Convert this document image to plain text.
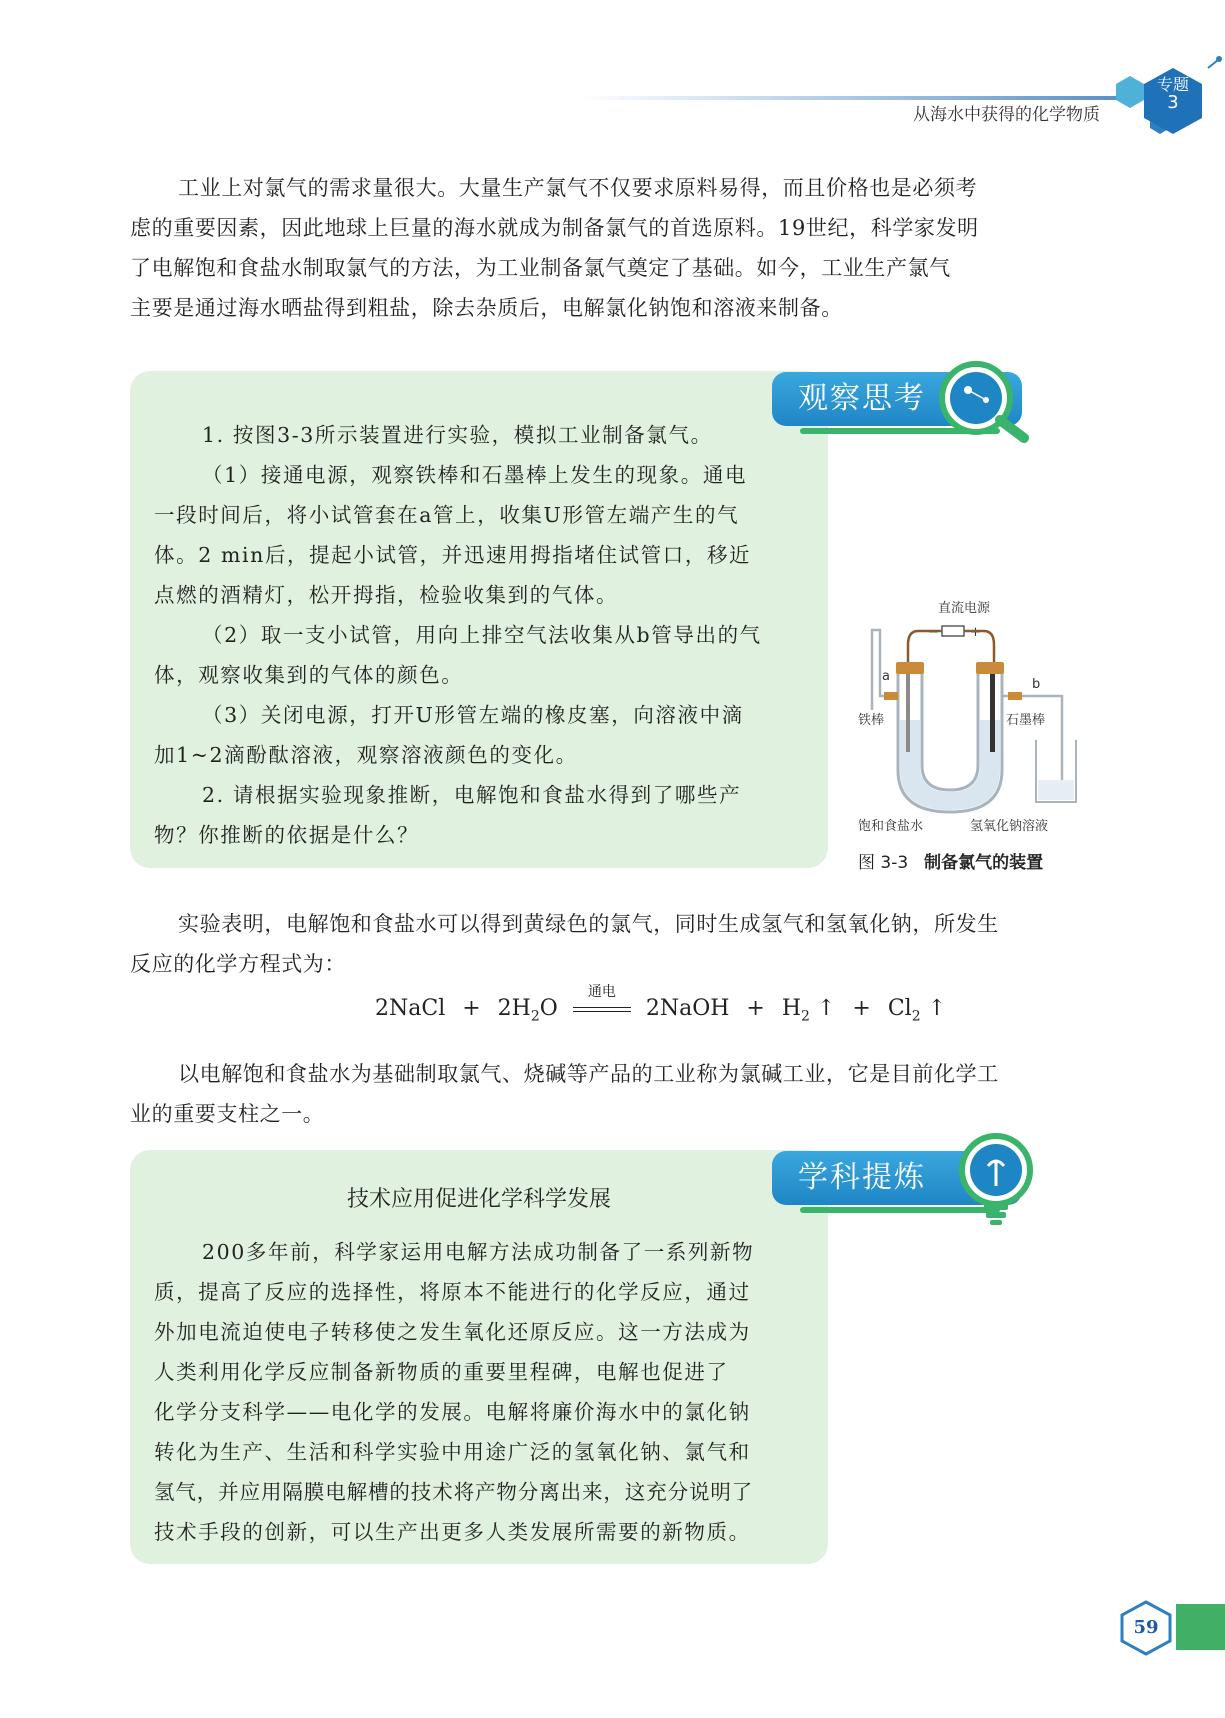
专题
3
从海水中获得的化学物质
工业上对氯气的需求量很大。大量生产氯气不仅要求原料易得，而且价格也是必须考
虑的重要因素，因此地球上巨量的海水就成为制备氯气的首选原料。19世纪，科学家发明
了电解饱和食盐水制取氯气的方法，为工业制备氯气奠定了基础。如今，工业生产氯气
主要是通过海水晒盐得到粗盐，除去杂质后，电解氯化钠饱和溶液来制备。
观察思考
1. 按图3-3所示装置进行实验，模拟工业制备氯气。
（1）接通电源，观察铁棒和石墨棒上发生的现象。通电
一段时间后，将小试管套在a管上，收集U形管左端产生的气
体。2 min后，提起小试管，并迅速用拇指堵住试管口，移近
点燃的酒精灯，松开拇指，检验收集到的气体。
（2）取一支小试管，用向上排空气法收集从b管导出的气
体，观察收集到的气体的颜色。
（3）关闭电源，打开U形管左端的橡皮塞，向溶液中滴
加1~2滴酚酞溶液，观察溶液颜色的变化。
2. 请根据实验现象推断，电解饱和食盐水得到了哪些产
物？你推断的依据是什么？
直流电源
− +
a
b
铁棒	石墨棒
饱和食盐水	氢氧化钠溶液
图 3-3 制备氯气的装置
实验表明，电解饱和食盐水可以得到黄绿色的氯气，同时生成氢气和氢氧化钠，所发生
反应的化学方程式为：
2NaCl + $2H_2O$
通电
2NaOH + $H_2$ ↑ + $Cl_2$ ↑
以电解饱和食盐水为基础制取氯气、烧碱等产品的工业称为氯碱工业，它是目前化学工
业的重要支柱之一。
学科提炼
技术应用促进化学科学发展
200多年前，科学家运用电解方法成功制备了一系列新物
质，提高了反应的选择性，将原本不能进行的化学反应，通过
外加电流迫使电子转移使之发生氧化还原反应。这一方法成为
人类利用化学反应制备新物质的重要里程碑，电解也促进了
化学分支科学——电化学的发展。电解将廉价海水中的氯化钠
转化为生产、生活和科学实验中用途广泛的氢氧化钠、氯气和
氢气，并应用隔膜电解槽的技术将产物分离出来，这充分说明了
技术手段的创新，可以生产出更多人类发展所需要的新物质。
59
